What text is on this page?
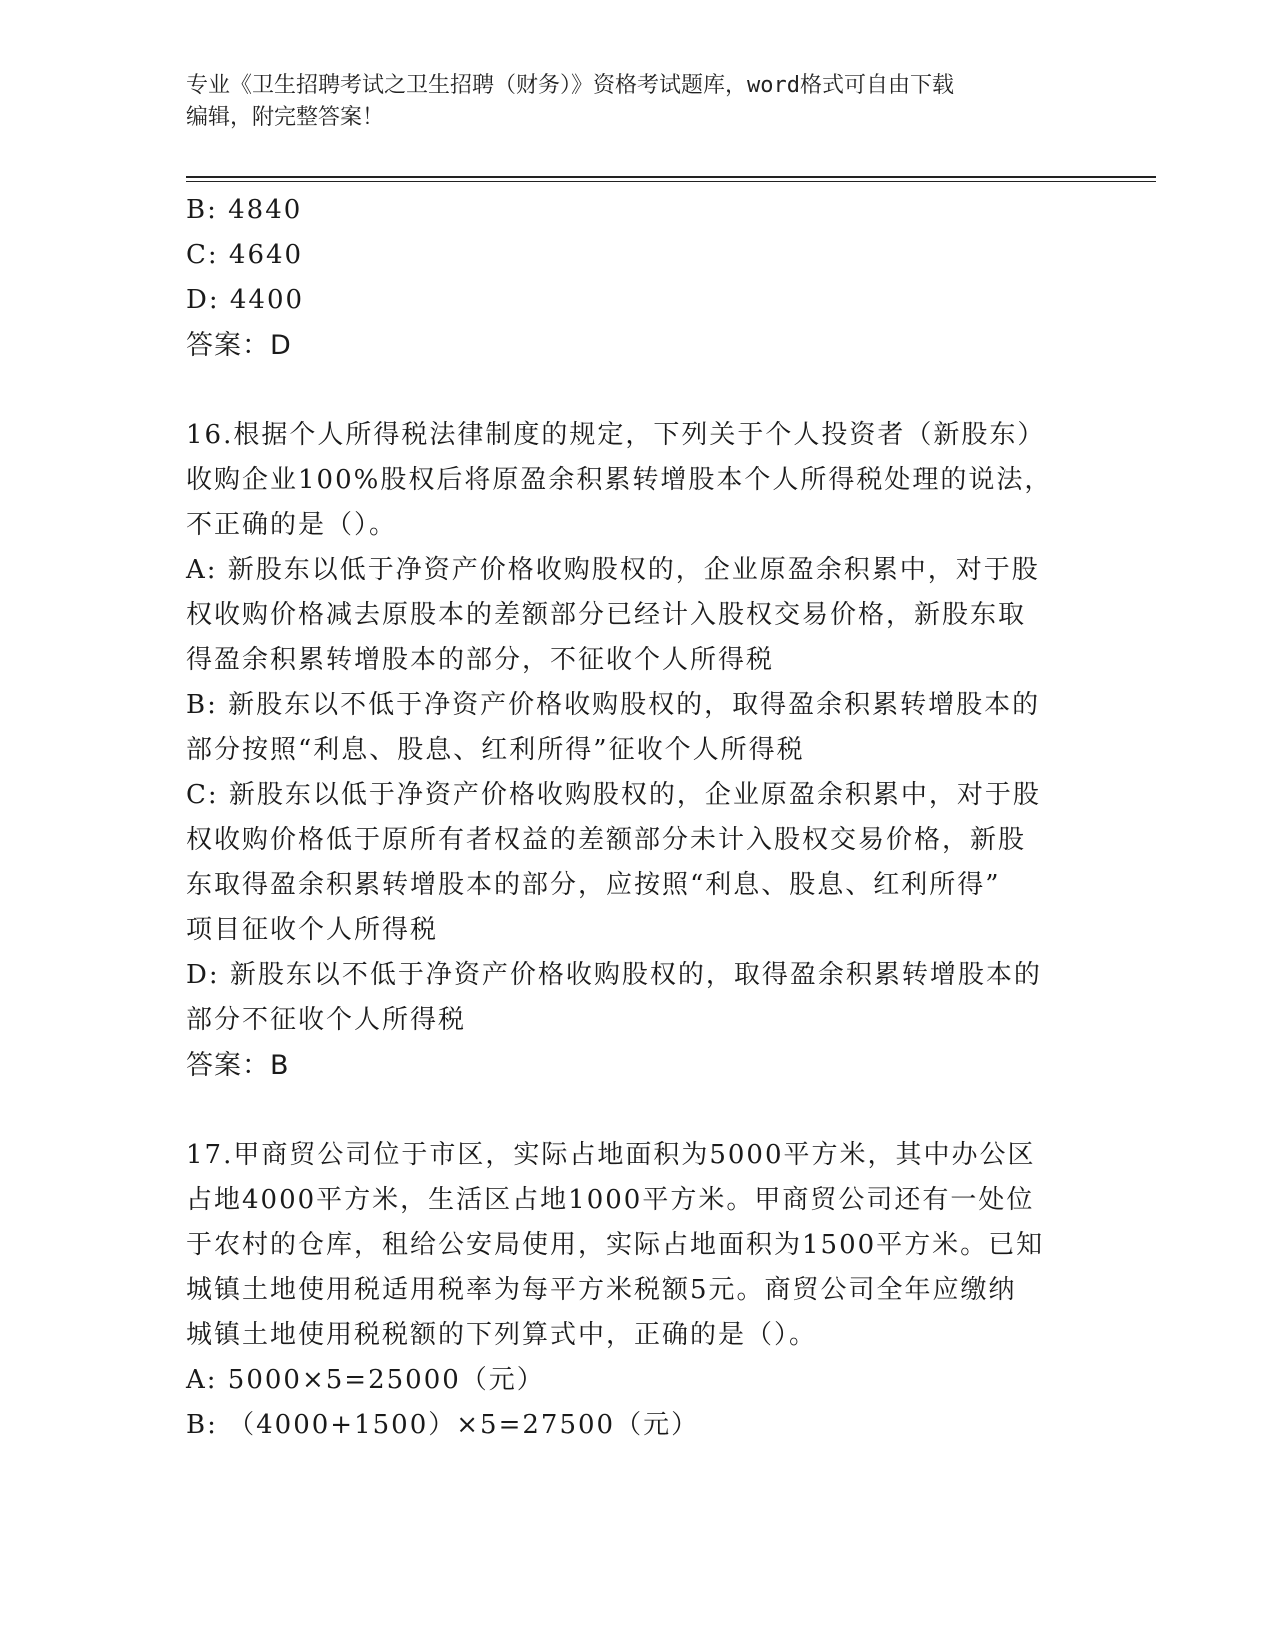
专业《卫生招聘考试之卫生招聘（财务）》资格考试题库，word格式可自由下载
编辑，附完整答案！

B: 4840

C: 4640

D: 4400

答案：D

16.根据个人所得税法律制度的规定，下列关于个人投资者（新股东）

收购企业100%股权后将原盈余积累转增股本个人所得税处理的说法，

不正确的是（）。

A: 新股东以低于净资产价格收购股权的，企业原盈余积累中，对于股

权收购价格减去原股本的差额部分已经计入股权交易价格，新股东取

得盈余积累转增股本的部分，不征收个人所得税

B: 新股东以不低于净资产价格收购股权的，取得盈余积累转增股本的

部分按照“利息、股息、红利所得”征收个人所得税

C: 新股东以低于净资产价格收购股权的，企业原盈余积累中，对于股

权收购价格低于原所有者权益的差额部分未计入股权交易价格，新股

东取得盈余积累转增股本的部分，应按照“利息、股息、红利所得”

项目征收个人所得税

D: 新股东以不低于净资产价格收购股权的，取得盈余积累转增股本的

部分不征收个人所得税

答案：B

17.甲商贸公司位于市区，实际占地面积为5000平方米，其中办公区

占地4000平方米，生活区占地1000平方米。甲商贸公司还有一处位

于农村的仓库，租给公安局使用，实际占地面积为1500平方米。已知

城镇土地使用税适用税率为每平方米税额5元。商贸公司全年应缴纳

城镇土地使用税税额的下列算式中，正确的是（）。

A: 5000×5=25000（元）

B: （4000+1500）×5=27500（元）
